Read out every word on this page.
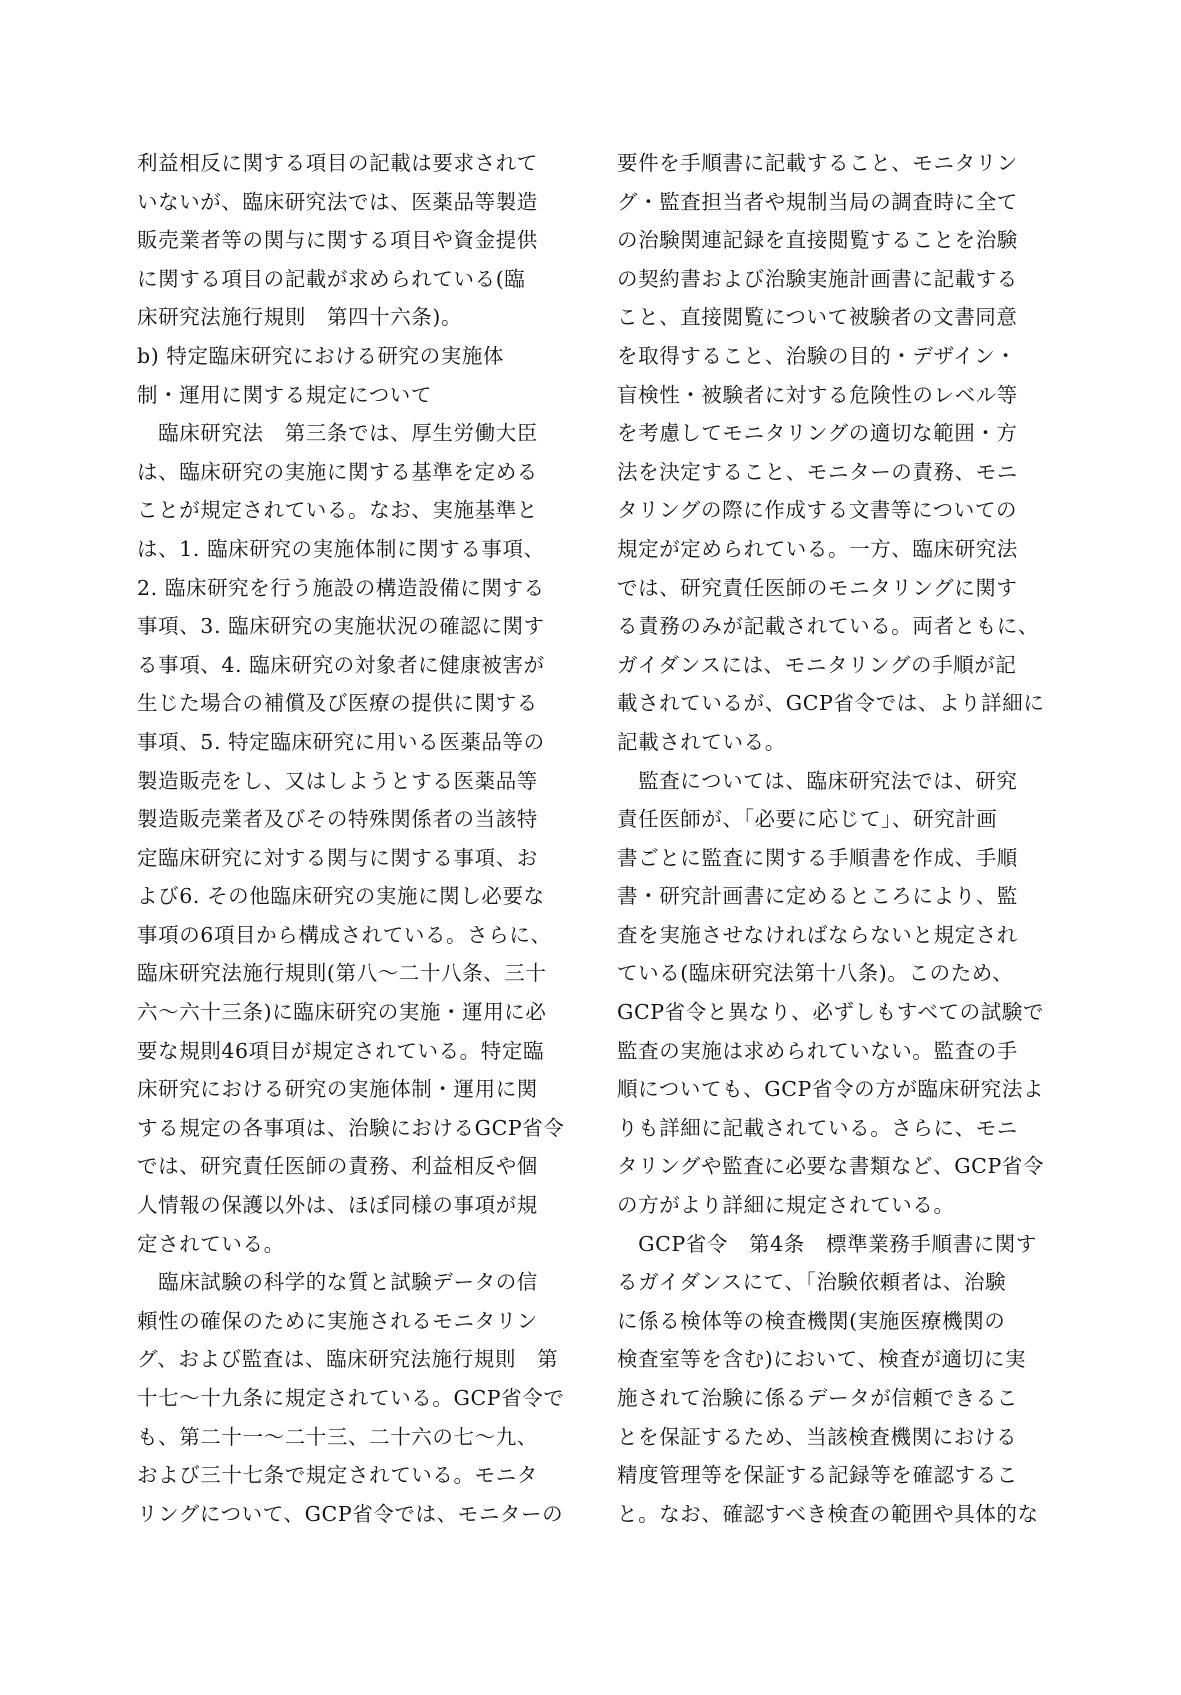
利益相反に関する項目の記載は要求されて
いないが、臨床研究法では、医薬品等製造
販売業者等の関与に関する項目や資金提供
に関する項目の記載が求められている(臨
床研究法施行規則　第四十六条)。
b) 特定臨床研究における研究の実施体
制・運用に関する規定について
　臨床研究法　第三条では、厚生労働大臣
は、臨床研究の実施に関する基準を定める
ことが規定されている。なお、実施基準と
は、1. 臨床研究の実施体制に関する事項、
2. 臨床研究を行う施設の構造設備に関する
事項、3. 臨床研究の実施状況の確認に関す
る事項、4. 臨床研究の対象者に健康被害が
生じた場合の補償及び医療の提供に関する
事項、5. 特定臨床研究に用いる医薬品等の
製造販売をし、又はしようとする医薬品等
製造販売業者及びその特殊関係者の当該特
定臨床研究に対する関与に関する事項、お
よび6. その他臨床研究の実施に関し必要な
事項の6項目から構成されている。さらに、
臨床研究法施行規則(第八～二十八条、三十
六～六十三条)に臨床研究の実施・運用に必
要な規則46項目が規定されている。特定臨
床研究における研究の実施体制・運用に関
する規定の各事項は、治験におけるGCP省令
では、研究責任医師の責務、利益相反や個
人情報の保護以外は、ほぼ同様の事項が規
定されている。
　臨床試験の科学的な質と試験データの信
頼性の確保のために実施されるモニタリン
グ、および監査は、臨床研究法施行規則　第
十七～十九条に規定されている。GCP省令で
も、第二十一～二十三、二十六の七～九、
および三十七条で規定されている。モニタ
リングについて、GCP省令では、モニターの
要件を手順書に記載すること、モニタリン
グ・監査担当者や規制当局の調査時に全て
の治験関連記録を直接閲覧することを治験
の契約書および治験実施計画書に記載する
こと、直接閲覧について被験者の文書同意
を取得すること、治験の目的・デザイン・
盲検性・被験者に対する危険性のレベル等
を考慮してモニタリングの適切な範囲・方
法を決定すること、モニターの責務、モニ
タリングの際に作成する文書等についての
規定が定められている。一方、臨床研究法
では、研究責任医師のモニタリングに関す
る責務のみが記載されている。両者ともに、
ガイダンスには、モニタリングの手順が記
載されているが、GCP省令では、より詳細に
記載されている。
　監査については、臨床研究法では、研究
責任医師が、「必要に応じて」、研究計画
書ごとに監査に関する手順書を作成、手順
書・研究計画書に定めるところにより、監
査を実施させなければならないと規定され
ている(臨床研究法第十八条)。このため、
GCP省令と異なり、必ずしもすべての試験で
監査の実施は求められていない。監査の手
順についても、GCP省令の方が臨床研究法よ
りも詳細に記載されている。さらに、モニ
タリングや監査に必要な書類など、GCP省令
の方がより詳細に規定されている。
　GCP省令　第4条　標準業務手順書に関す
るガイダンスにて、「治験依頼者は、治験
に係る検体等の検査機関(実施医療機関の
検査室等を含む)において、検査が適切に実
施されて治験に係るデータが信頼できるこ
とを保証するため、当該検査機関における
精度管理等を保証する記録等を確認するこ
と。なお、確認すべき検査の範囲や具体的な
